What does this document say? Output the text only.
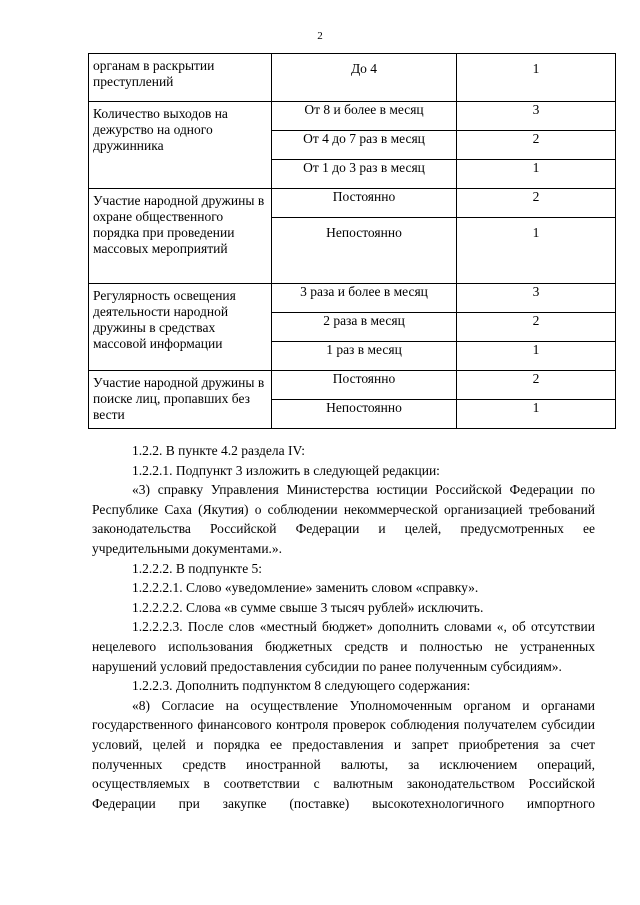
2
органам в раскрытии преступлений	До 4	1
Количество выходов на дежурство на одного дружинника	От 8 и более в месяц	3
	От 4 до 7 раз в месяц	2
	От 1 до 3 раз в месяц	1
Участие народной дружины в охране общественного порядка при проведении массовых мероприятий	Постоянно	2
	Непостоянно	1
Регулярность освещения деятельности народной дружины в средствах массовой информации	3 раза и более в месяц	3
	2 раза в месяц	2
	1 раз в месяц	1
Участие народной дружины в поиске лиц, пропавших без вести	Постоянно	2
	Непостоянно	1

1.2.2. В пункте 4.2 раздела IV:

1.2.2.1. Подпункт 3 изложить в следующей редакции:

«3) справку Управления Министерства юстиции Российской Федерации по Республике Саха (Якутия) о соблюдении некоммерческой организацией требований законодательства Российской Федерации и целей, предусмотренных ее учредительными документами.».

1.2.2.2. В подпункте 5:

1.2.2.2.1. Слово «уведомление» заменить словом «справку».

1.2.2.2.2. Слова «в сумме свыше 3 тысяч рублей» исключить.

1.2.2.2.3. После слов «местный бюджет» дополнить словами «, об отсутствии нецелевого использования бюджетных средств и полностью не устраненных нарушений условий предоставления субсидии по ранее полученным субсидиям».

1.2.2.3. Дополнить подпунктом 8 следующего содержания:

«8) Согласие на осуществление Уполномоченным органом и органами государственного финансового контроля проверок соблюдения получателем субсидии условий, целей и порядка ее предоставления и запрет приобретения за счет полученных средств иностранной валюты, за исключением операций, осуществляемых в соответствии с валютным законодательством Российской Федерации при закупке (поставке) высокотехнологичного импортного
